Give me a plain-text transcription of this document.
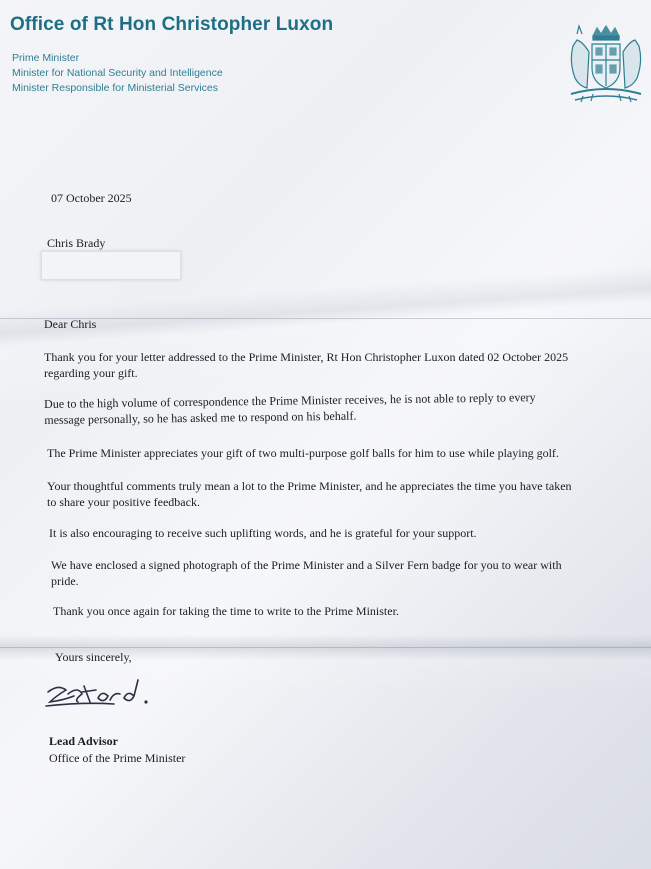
Office of Rt Hon Christopher Luxon
Prime Minister
Minister for National Security and Intelligence
Minister Responsible for Ministerial Services
07 October 2025
Chris Brady
Dear Chris
Thank you for your letter addressed to the Prime Minister, Rt Hon Christopher Luxon dated 02 October 2025
regarding your gift.
Due to the high volume of correspondence the Prime Minister receives, he is not able to reply to every
message personally, so he has asked me to respond on his behalf.
The Prime Minister appreciates your gift of two multi-purpose golf balls for him to use while playing golf.
Your thoughtful comments truly mean a lot to the Prime Minister, and he appreciates the time you have taken
to share your positive feedback.
It is also encouraging to receive such uplifting words, and he is grateful for your support.
We have enclosed a signed photograph of the Prime Minister and a Silver Fern badge for you to wear with
pride.
Thank you once again for taking the time to write to the Prime Minister.
Yours sincerely,
Lead Advisor
Office of the Prime Minister
